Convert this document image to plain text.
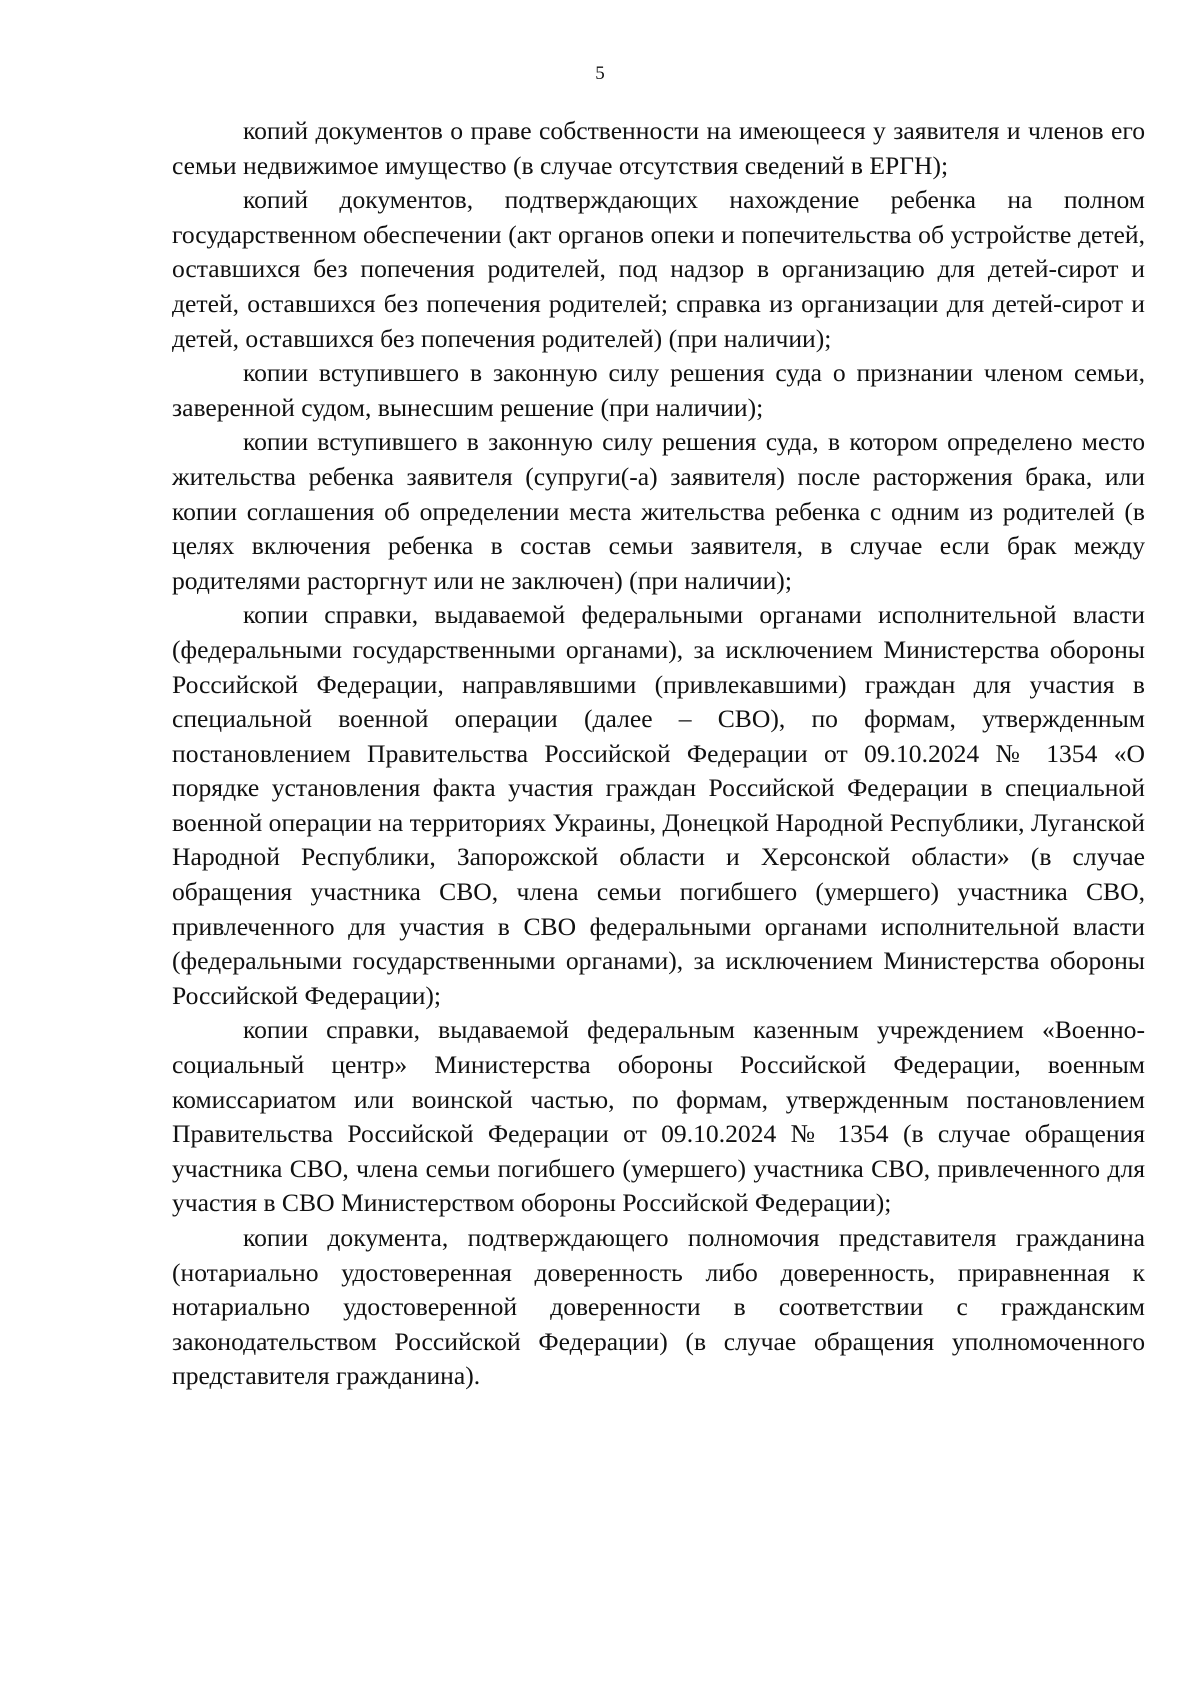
5

копий документов о праве собственности на имеющееся у заявителя и членов его семьи недвижимое имущество (в случае отсутствия сведений в ЕРГН);

копий документов, подтверждающих нахождение ребенка на полном государственном обеспечении (акт органов опеки и попечительства об устройстве детей, оставшихся без попечения родителей, под надзор в организацию для детей-сирот и детей, оставшихся без попечения родителей; справка из организации для детей-сирот и детей, оставшихся без попечения родителей) (при наличии);

копии вступившего в законную силу решения суда о признании членом семьи, заверенной судом, вынесшим решение (при наличии);

копии вступившего в законную силу решения суда, в котором определено место жительства ребенка заявителя (супруги(-а) заявителя) после расторжения брака, или копии соглашения об определении места жительства ребенка с одним из родителей (в целях включения ребенка в состав семьи заявителя, в случае если брак между родителями расторгнут или не заключен) (при наличии);

копии справки, выдаваемой федеральными органами исполнительной власти (федеральными государственными органами), за исключением Министерства обороны Российской Федерации, направлявшими (привлекавшими) граждан для участия в специальной военной операции (далее – СВО), по формам, утвержденным постановлением Правительства Российской Федерации от 09.10.2024 № 1354 «О порядке установления факта участия граждан Российской Федерации в специальной военной операции на территориях Украины, Донецкой Народной Республики, Луганской Народной Республики, Запорожской области и Херсонской области» (в случае обращения участника СВО, члена семьи погибшего (умершего) участника СВО, привлеченного для участия в СВО федеральными органами исполнительной власти (федеральными государственными органами), за исключением Министерства обороны Российской Федерации);

копии справки, выдаваемой федеральным казенным учреждением «Военно-социальный центр» Министерства обороны Российской Федерации, военным комиссариатом или воинской частью, по формам, утвержденным постановлением Правительства Российской Федерации от 09.10.2024 № 1354 (в случае обращения участника СВО, члена семьи погибшего (умершего) участника СВО, привлеченного для участия в СВО Министерством обороны Российской Федерации);

копии документа, подтверждающего полномочия представителя гражданина (нотариально удостоверенная доверенность либо доверенность, приравненная к нотариально удостоверенной доверенности в соответствии с гражданским законодательством Российской Федерации) (в случае обращения уполномоченного представителя гражданина).
